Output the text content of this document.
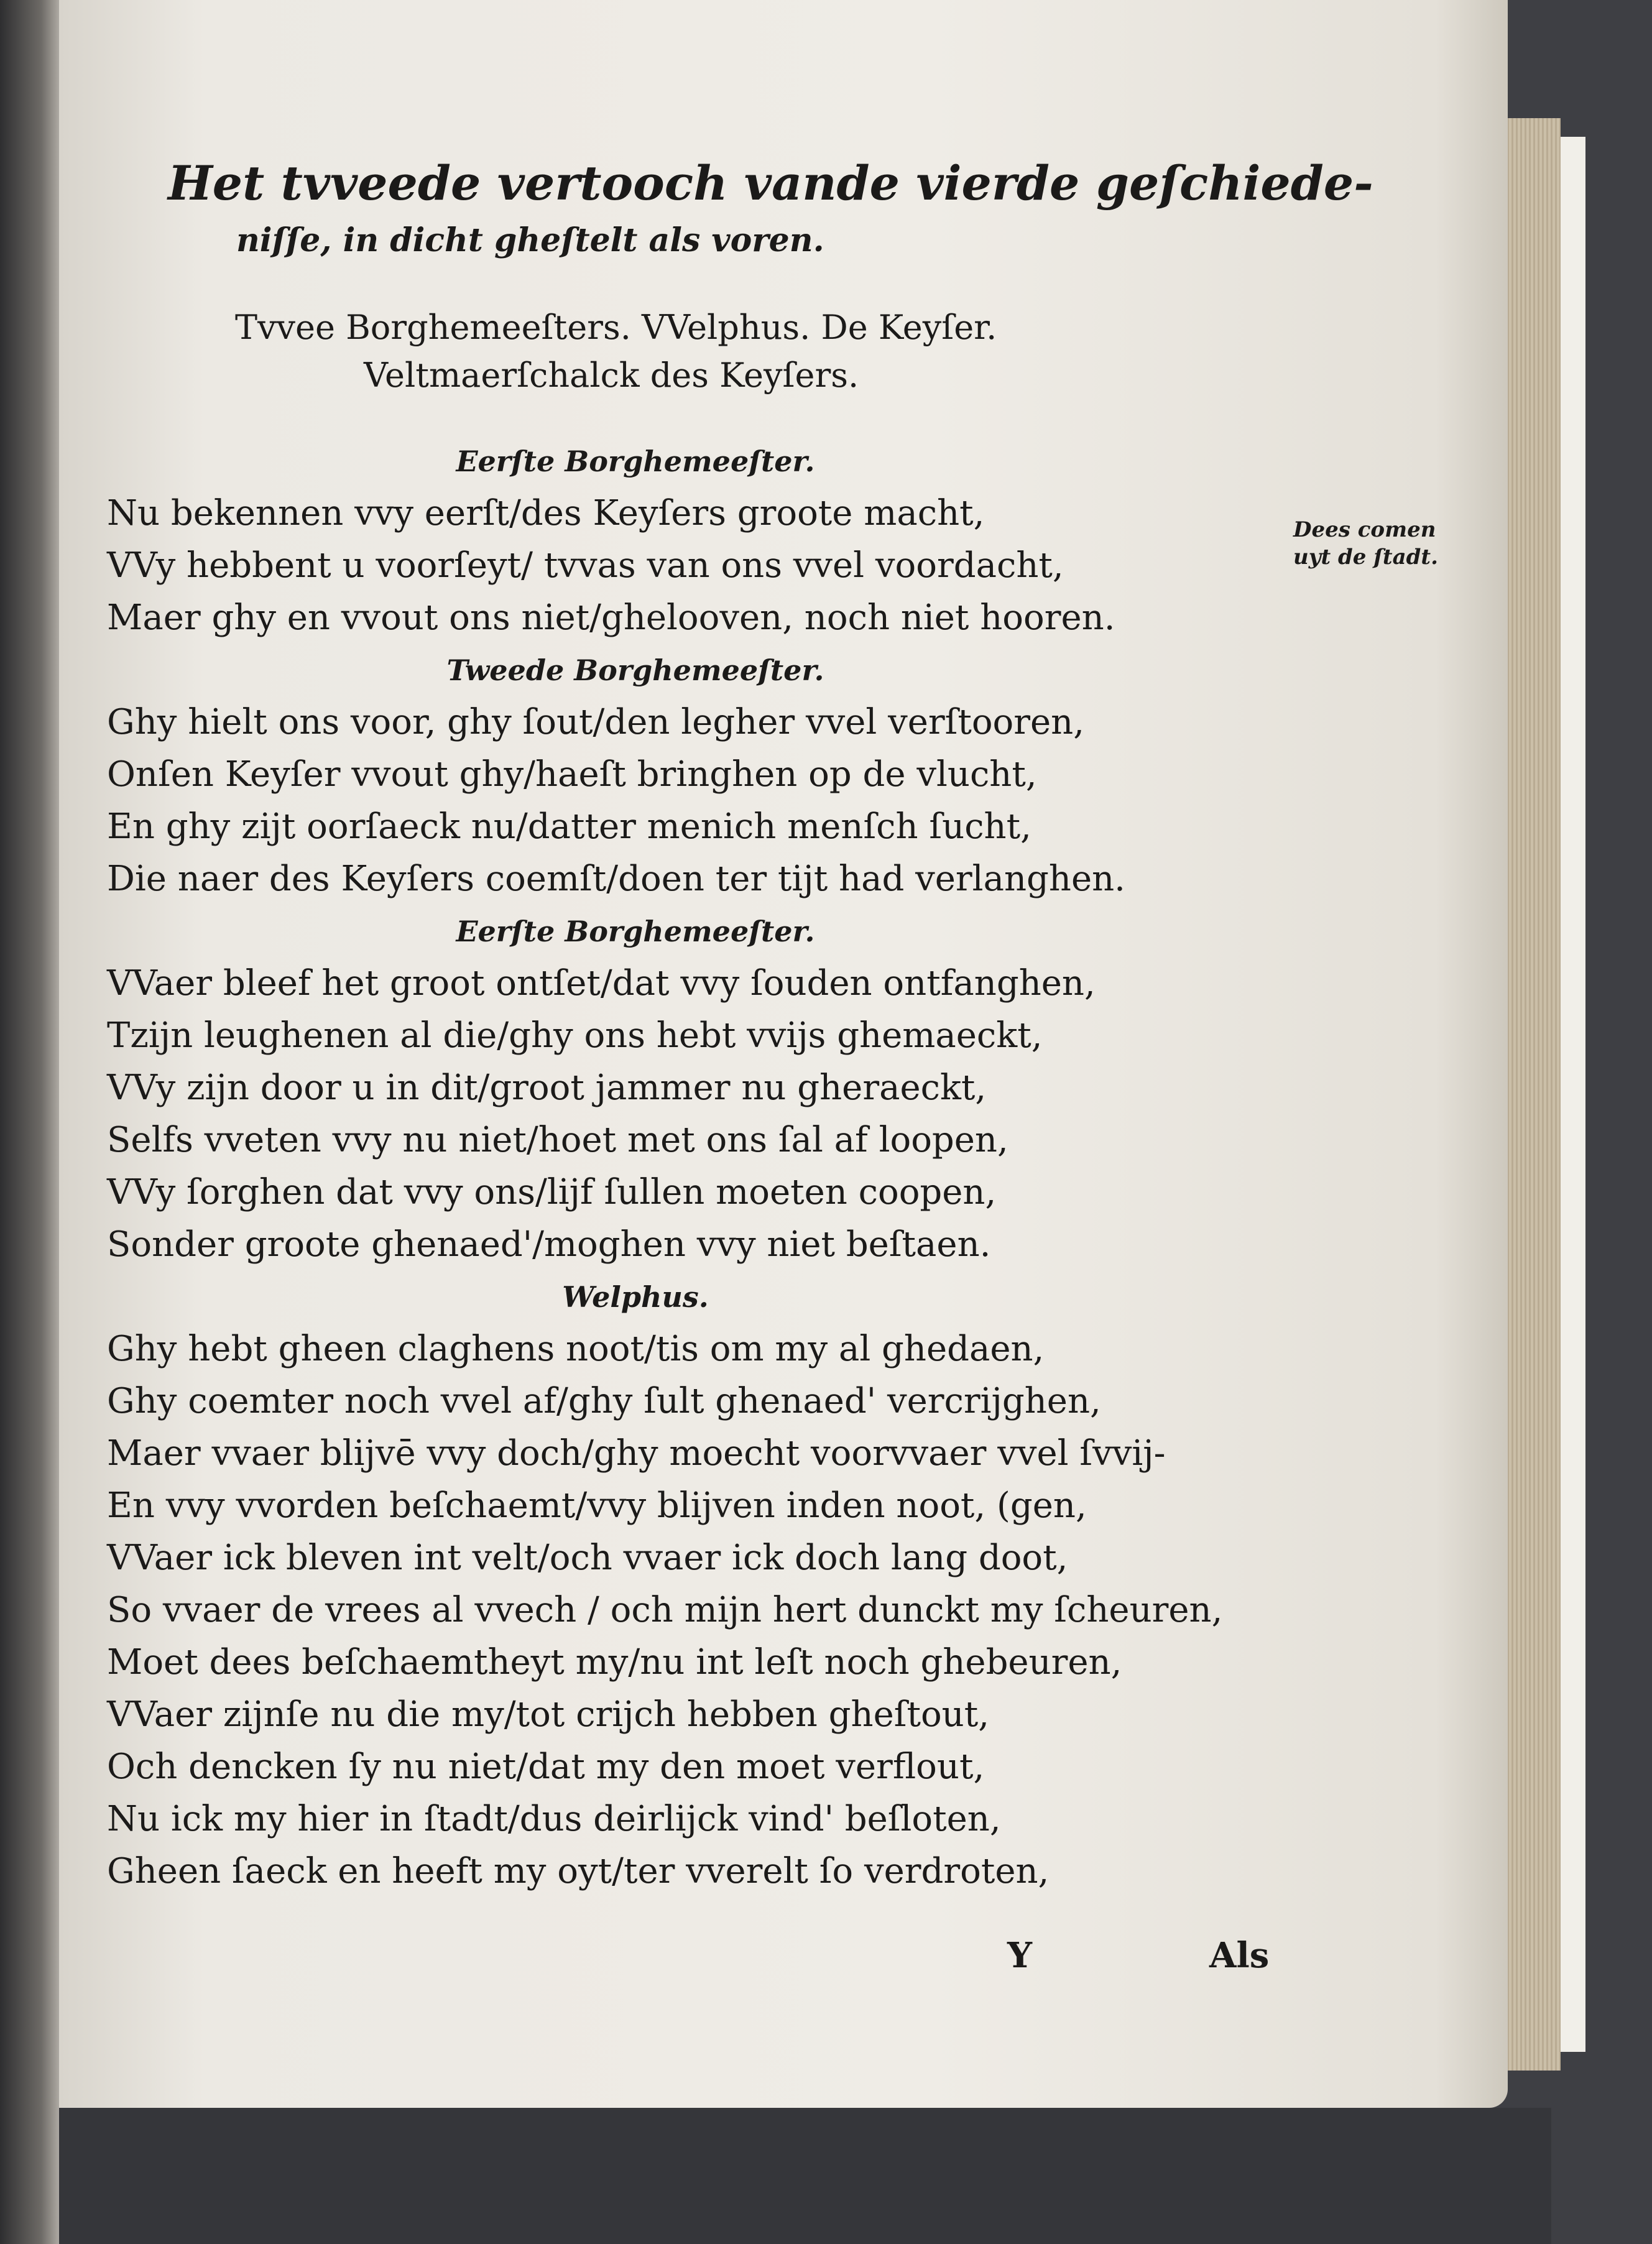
Het tvveede vertooch vande vierde geſchiede-
niſſe, in dicht gheſtelt als voren.
Tvvee Borghemeeſters. VVelphus. De Keyſer.
Veltmaerſchalck des Keyſers.
Eerſte Borghemeeſter.
Nu bekennen vvy eerſt/des Keyſers groote macht,
VVy hebbent u voorſeyt/ tvvas van ons vvel voordacht,
Maer ghy en vvout ons niet/ghelooven, noch niet hooren.
Tweede Borghemeeſter.
Ghy hielt ons voor, ghy ſout/den legher vvel verſtooren,
Onſen Keyſer vvout ghy/haeſt bringhen op de vlucht,
En ghy zijt oorſaeck nu/datter menich menſch ſucht,
Die naer des Keyſers coemſt/doen ter tijt had verlanghen.
Eerſte Borghemeeſter.
VVaer bleef het groot ontſet/dat vvy ſouden ontfanghen,
Tzijn leughenen al die/ghy ons hebt vvijs ghemaeckt,
VVy zijn door u in dit/groot jammer nu gheraeckt,
Selfs vveten vvy nu niet/hoet met ons ſal af loopen,
VVy ſorghen dat vvy ons/lijf ſullen moeten coopen,
Sonder groote ghenaed'/moghen vvy niet beſtaen.
Welphus.
Ghy hebt gheen claghens noot/tis om my al ghedaen,
Ghy coemter noch vvel af/ghy ſult ghenaed' vercrijghen,
Maer vvaer blijvē vvy doch/ghy moecht voorvvaer vvel ſvvij-
En vvy vvorden beſchaemt/vvy blijven inden noot, (gen,
VVaer ick bleven int velt/och vvaer ick doch lang doot,
So vvaer de vrees al vvech / och mijn hert dunckt my ſcheuren,
Moet dees beſchaemtheyt my/nu int leſt noch ghebeuren,
VVaer zijnſe nu die my/tot crijch hebben gheſtout,
Och dencken ſy nu niet/dat my den moet verflout,
Nu ick my hier in ſtadt/dus deirlijck vind' beſloten,
Gheen ſaeck en heeft my oyt/ter vverelt ſo verdroten,
Dees comen
uyt de ſtadt.
Y	Als
